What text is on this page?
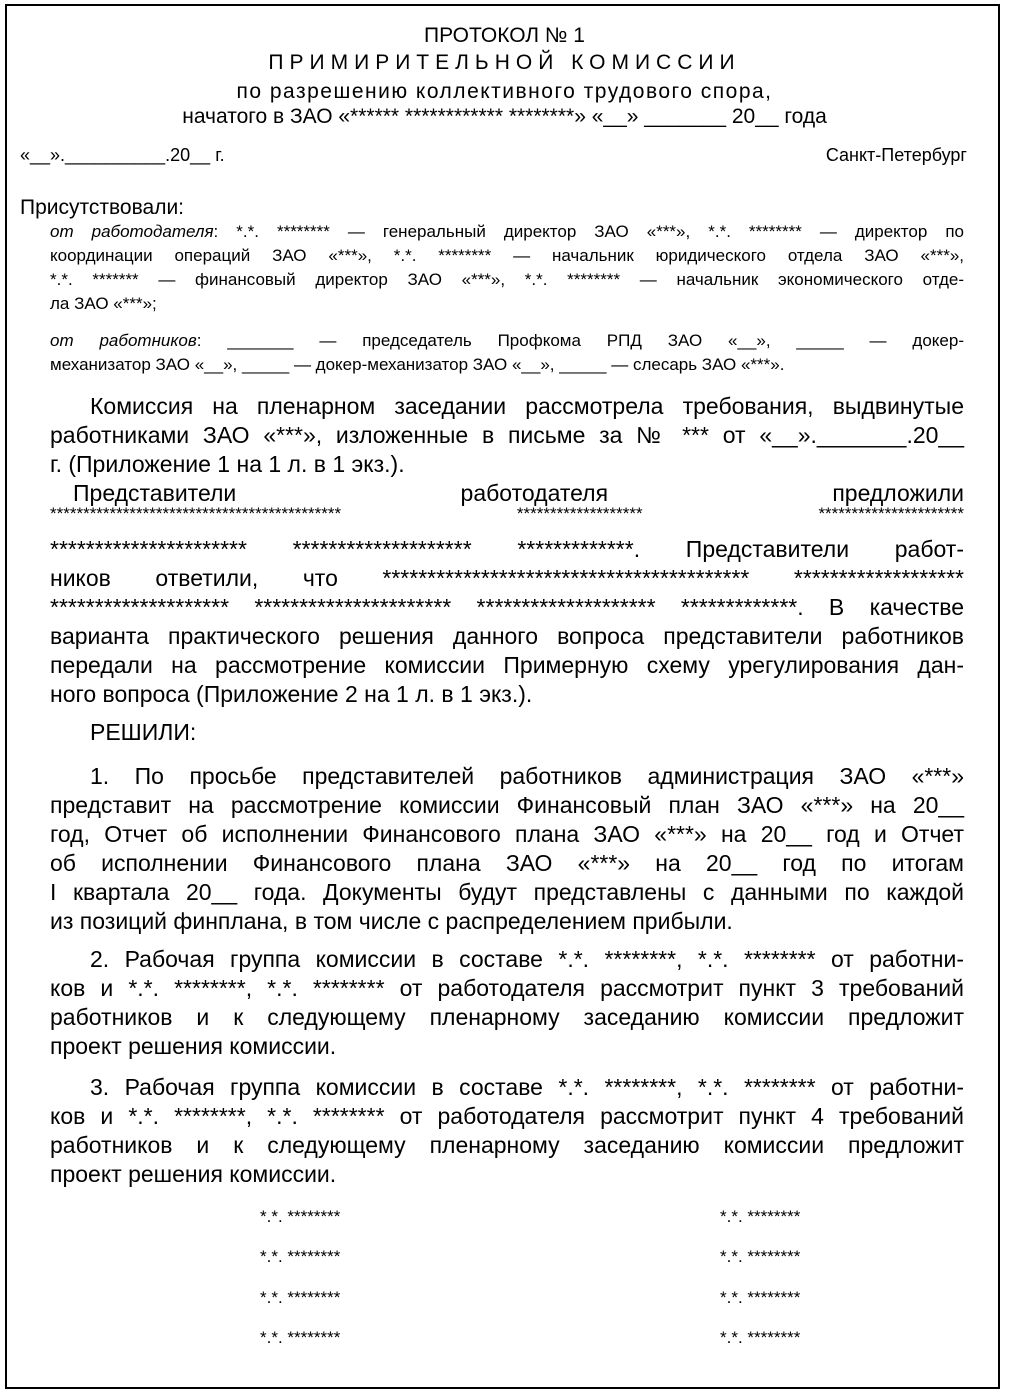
ПРОТОКОЛ № 1
ПРИМИРИТЕЛЬНОЙ КОМИССИИ
по разрешению коллективного трудового спора,
начатого в ЗАО «****** ************ ********» «__» _______ 20__ года
«__».__________.20__ г.	Санкт-Петербург
Присутствовали:
от работодателя: *.*. ******** — генеральный директор ЗАО «***», *.*. ******** — директор по
координации операций ЗАО «***», *.*. ******** — начальник юридического отдела ЗАО «***»,
*.*. ******* — финансовый директор ЗАО «***», *.*. ******** — начальник экономического отде-
ла ЗАО «***»;
от работников: _______ — председатель Профкома РПД ЗАО «__», _____ — докер-
механизатор ЗАО «__», _____ — докер-механизатор ЗАО «__», _____ — слесарь ЗАО «***».
Комиссия на пленарном заседании рассмотрела требования, выдвинутые
работниками ЗАО «***», изложенные в письме за № *** от «__»._______.20__
г. (Приложение 1 на 1 л. в 1 экз.).
Представители работодателя предложили
******************************************** ******************* **********************
********************** ******************** *************. Представители работ-
ников ответили, что ***************************************** *******************
******************** ********************** ******************** *************. В качестве
варианта практического решения данного вопроса представители работников
передали на рассмотрение комиссии Примерную схему урегулирования дан-
ного вопроса (Приложение 2 на 1 л. в 1 экз.).
РЕШИЛИ:
1. По просьбе представителей работников администрация ЗАО «***»
представит на рассмотрение комиссии Финансовый план ЗАО «***» на 20__
год, Отчет об исполнении Финансового плана ЗАО «***» на 20__ год и Отчет
об исполнении Финансового плана ЗАО «***» на 20__ год по итогам
I квартала 20__ года. Документы будут представлены с данными по каждой
из позиций финплана, в том числе с распределением прибыли.
2. Рабочая группа комиссии в составе *.*. ********, *.*. ******** от работни-
ков и *.*. ********, *.*. ******** от работодателя рассмотрит пункт 3 требований
работников и к следующему пленарному заседанию комиссии предложит
проект решения комиссии.
3. Рабочая группа комиссии в составе *.*. ********, *.*. ******** от работни-
ков и *.*. ********, *.*. ******** от работодателя рассмотрит пункт 4 требований
работников и к следующему пленарному заседанию комиссии предложит
проект решения комиссии.
*.*. ********
*.*. ********
*.*. ********
*.*. ********
*.*. ********
*.*. ********
*.*. ********
*.*. ********
